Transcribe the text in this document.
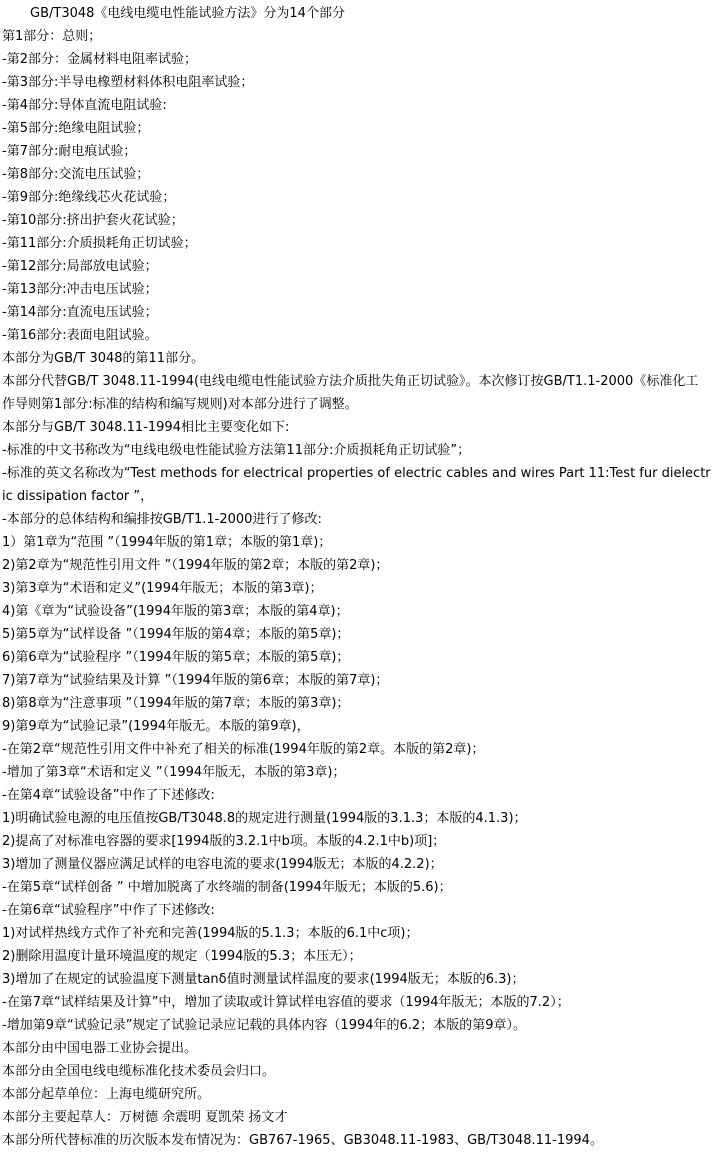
GB/T3048《电线电缆电性能试验方法》分为14个部分

第1部分：总则；

-第2部分：金属材料电阻率试验；

-第3部分:半导电橡塑材料体积电阻率试验；

-第4部分:导体直流电阻试验:

-第5部分:绝缘电阻试验；

-第7部分:耐电痕试验；

-第8部分:交流电压试验；

-第9部分:绝缘线芯火花试验；

-第10部分:挤出护套火花试验；

-第11部分:介质损耗角正切试验；

-第12部分:局部放电试验；

-第13部分:冲击电压试验；

-第14部分:直流电压试验；

-第16部分:表面电阻试验。

本部分为GB/T 3048的第11部分。

本部分代替GB/T 3048.11-1994(电线电缆电性能试验方法介质批失角正切试验》。本次修订按GB/T1.1-2000《标准化工作导则第1部分:标准的结构和编写规则)对本部分进行了调整。

本部分与GB/T 3048.11-1994相比主要变化如下:

-标准的中文书称改为“电线电级电性能试验方法第11部分:介质损耗角正切试验”；

-标准的英文名称改为“Test methods for electrical properties of electric cables and wires Part 11:Test fur dielectric dissipation factor ”，

-本部分的总体结构和编排按GB/T1.1-2000进行了修改:

1）第1章为“范围 ”（1994年版的第1章；本版的第1章)；

2)第2章为“规范性引用文件 ”（1994年版的第2章；本版的第2章)；

3)第3章为“术语和定义”(1994年版无；本版的第3章)；

4)第《章为“试验设备”(1994年版的第3章；本版的第4章)；

5)第5章为“试样设备 ”（1994年版的第4章；本版的第5章)；

6)第6章为“试验程序 ”（1994年版的第5章；本版的第5章)；

7)第7章为“试验结果及计算 ”（1994年版的第6章；本版的第7章)；

8)第8章为“注意事项 ”（1994年版的第7章；本版的第3章)；

9)第9章为“试验记录”(1994年版无。本版的第9章)，

-在第2章“规范性引用文件中补充了相关的标准(1994年版的第2章。本版的第2章)；

-增加了第3章“术语和定义 ”（1994年版无，本版的第3章)；

-在第4章“试验设备”中作了下述修改:

1)明确试验电源的电压值按GB/T3048.8的规定进行测量(1994版的3.1.3；本版的4.1.3)；

2)提高了对标准电容器的要求[1994版的3.2.1中b项。本版的4.2.1中b)项]；

3)增加了测量仪器应满足试样的电容电流的要求(1994版无；本版的4.2.2)；

-在第5章“试样创备 ” 中增加脱离了水终端的制备(1994年版无；本版的5.6)；

-在第6章“试验程序”中作了下述修改:

1)对试样热线方式作了补充和完善(1994版的5.1.3；本版的6.1中c项)；

2)删除用温度计量环境温度的规定（1994版的5.3；本压无）；

3)增加了在规定的试验温度下测量tanδ值时测量试样温度的要求(1994版无；本版的6.3)；

-在第7章“试样结果及计算”中，增加了读取或计算试样电容值的要求（1994年版无；本版的7.2）；

-增加第9章“试验记录”规定了试验记录应记载的具体内容（1994年的6.2；本版的第9章）。

本部分由中国电器工业协会提出。

本部分由全国电线电缆标准化技术委员会归口。

本部分起草单位：上海电缆研究所。

本部分主要起草人：万树德 余震明 夏凯荣 扬文才

本部分所代替标准的历次版本发布情况为：GB767-1965、GB3048.11-1983、GB/T3048.11-1994。
